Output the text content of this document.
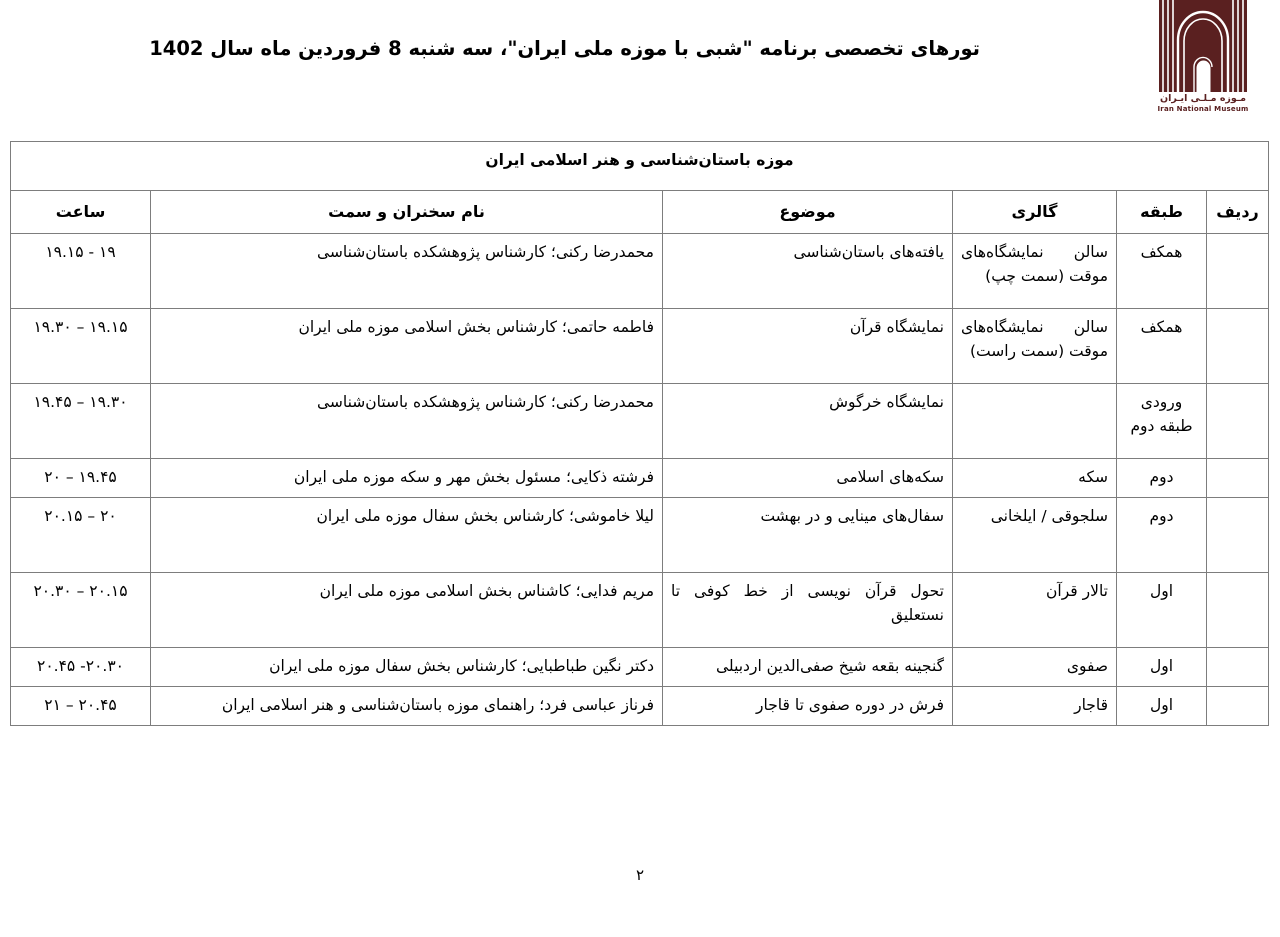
تورهای تخصصی برنامه "شبی با موزه ملی ایران"، سه شنبه 8 فروردین ماه سال 1402
مـوزه مـلـی ایـران
Iran National Museum
موزه باستان‌شناسی و هنر اسلامی ایران					
ردیف	طبقه	گالری	موضوع	نام سخنران و سمت	ساعت
	همکف	سالن نمایشگاه‌های موقت (سمت چپ)	یافته‌های باستان‌شناسی	محمدرضا رکنی؛ کارشناس پژوهشکده باستان‌شناسی	۱۹ - ۱۹.۱۵
	همکف	سالن نمایشگاه‌های موقت (سمت راست)	نمایشگاه قرآن	فاطمه حاتمی؛ کارشناس بخش اسلامی موزه ملی ایران	۱۹.۱۵ – ۱۹.۳۰
	ورودی طبقه دوم		نمایشگاه خرگوش	محمدرضا رکنی؛ کارشناس پژوهشکده باستان‌شناسی	۱۹.۳۰ – ۱۹.۴۵
	دوم	سکه	سکه‌های اسلامی	فرشته ذکایی؛ مسئول بخش مهر و سکه موزه ملی ایران	۱۹.۴۵ – ۲۰
	دوم	سلجوقی / ایلخانی	سفال‌های مینایی و در بهشت	لیلا خاموشی؛ کارشناس بخش سفال موزه ملی ایران	۲۰ – ۲۰.۱۵
	اول	تالار قرآن	تحول قرآن نویسی از خط کوفی تا نستعلیق	مریم فدایی؛ کاشناس بخش اسلامی موزه ملی ایران	۲۰.۱۵ – ۲۰.۳۰
	اول	صفوی	گنجینه بقعه شیخ صفی‌الدین اردبیلی	دکتر نگین طباطبایی؛ کارشناس بخش سفال موزه ملی ایران	۲۰.۳۰- ۲۰.۴۵
	اول	قاجار	فرش در دوره صفوی تا قاجار	فرناز عباسی فرد؛ راهنمای موزه باستان‌شناسی و هنر اسلامی ایران	۲۰.۴۵ – ۲۱
۲
